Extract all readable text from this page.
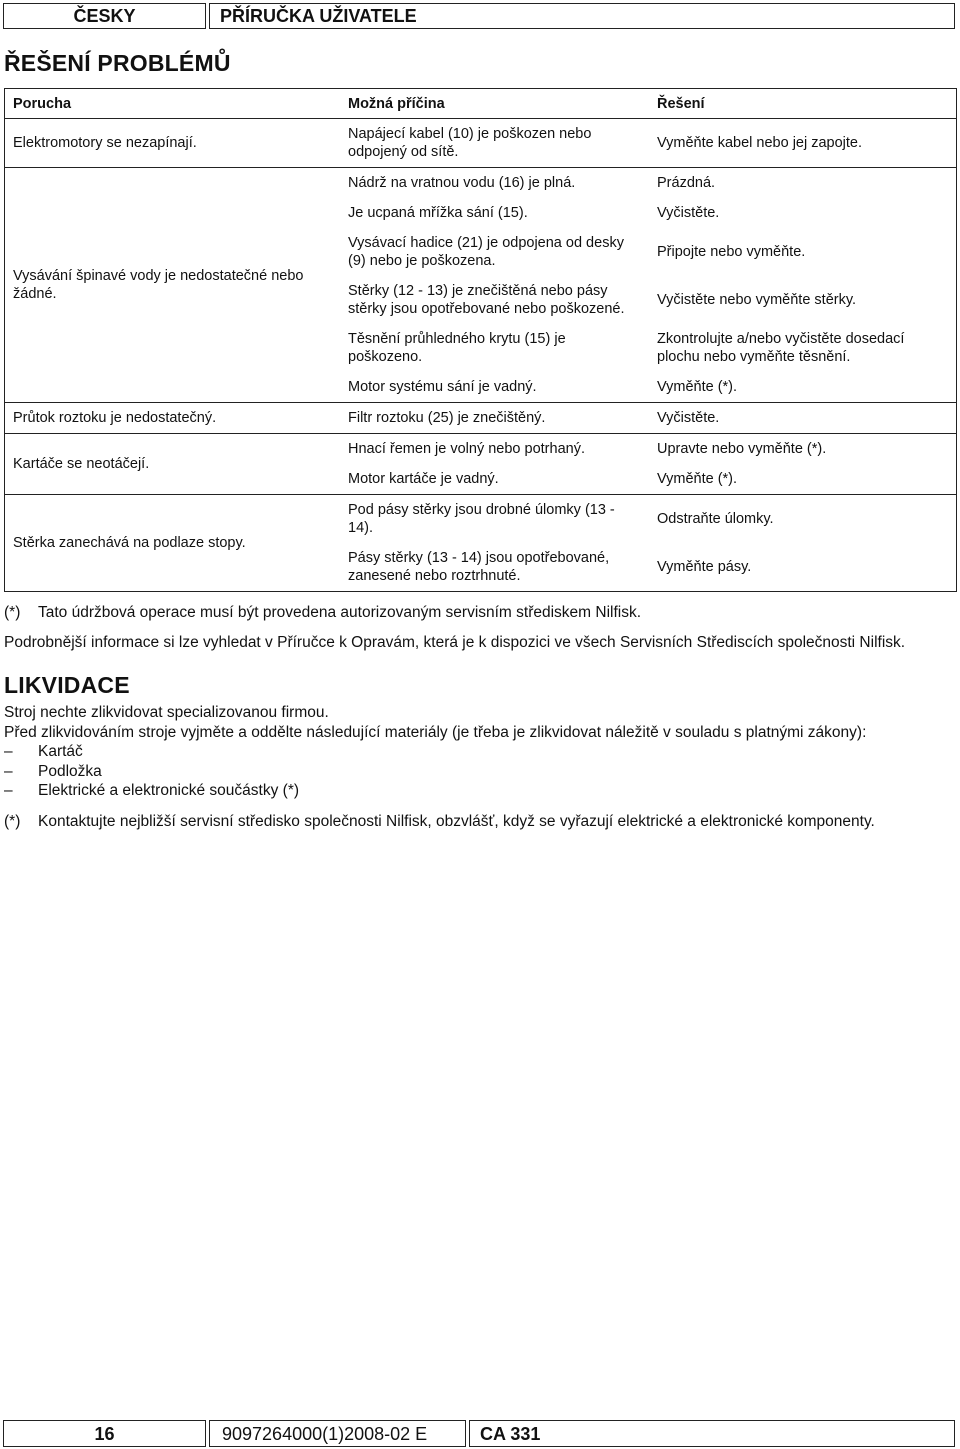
ČESKY	PŘÍRUČKA UŽIVATELE
ŘEŠENÍ PROBLÉMŮ
Porucha	Možná příčina	Řešení
Elektromotory se nezapínají.	Napájecí kabel (10) je poškozen nebo odpojený od sítě.	Vyměňte kabel nebo jej zapojte.
Vysávání špinavé vody je nedostatečné nebo žádné.	Nádrž na vratnou vodu (16) je plná.	Prázdná.
	Je ucpaná mřížka sání (15).	Vyčistěte.
	Vysávací hadice (21) je odpojena od desky (9) nebo je poškozena.	Připojte nebo vyměňte.
	Stěrky (12 - 13) je znečištěná nebo pásy stěrky jsou opotřebované nebo poškozené.	Vyčistěte nebo vyměňte stěrky.
	Těsnění průhledného krytu (15) je poškozeno.	Zkontrolujte a/nebo vyčistěte dosedací plochu nebo vyměňte těsnění.
	Motor systému sání je vadný.	Vyměňte (*).
Průtok roztoku je nedostatečný.	Filtr roztoku (25) je znečištěný.	Vyčistěte.
Kartáče se neotáčejí.	Hnací řemen je volný nebo potrhaný.	Upravte nebo vyměňte (*).
	Motor kartáče je vadný.	Vyměňte (*).
Stěrka zanechává na podlaze stopy.	Pod pásy stěrky jsou drobné úlomky (13 - 14).	Odstraňte úlomky.
	Pásy stěrky (13 - 14) jsou opotřebované, zanesené nebo roztrhnuté.	Vyměňte pásy.
(*)	Tato údržbová operace musí být provedena autorizovaným servisním střediskem Nilfisk.
Podrobnější informace si lze vyhledat v Příručce k Opravám, která je k dispozici ve všech Servisních Střediscích společnosti Nilfisk.
LIKVIDACE
Stroj nechte zlikvidovat specializovanou firmou.
Před zlikvidováním stroje vyjměte a oddělte následující materiály (je třeba je zlikvidovat náležitě v souladu s platnými zákony):
–	Kartáč
–	Podložka
–	Elektrické a elektronické součástky (*)
(*)	Kontaktujte nejbližší servisní středisko společnosti Nilfisk, obzvlášť, když se vyřazují elektrické a elektronické komponenty.
16	9097264000(1)2008-02 E	CA 331
